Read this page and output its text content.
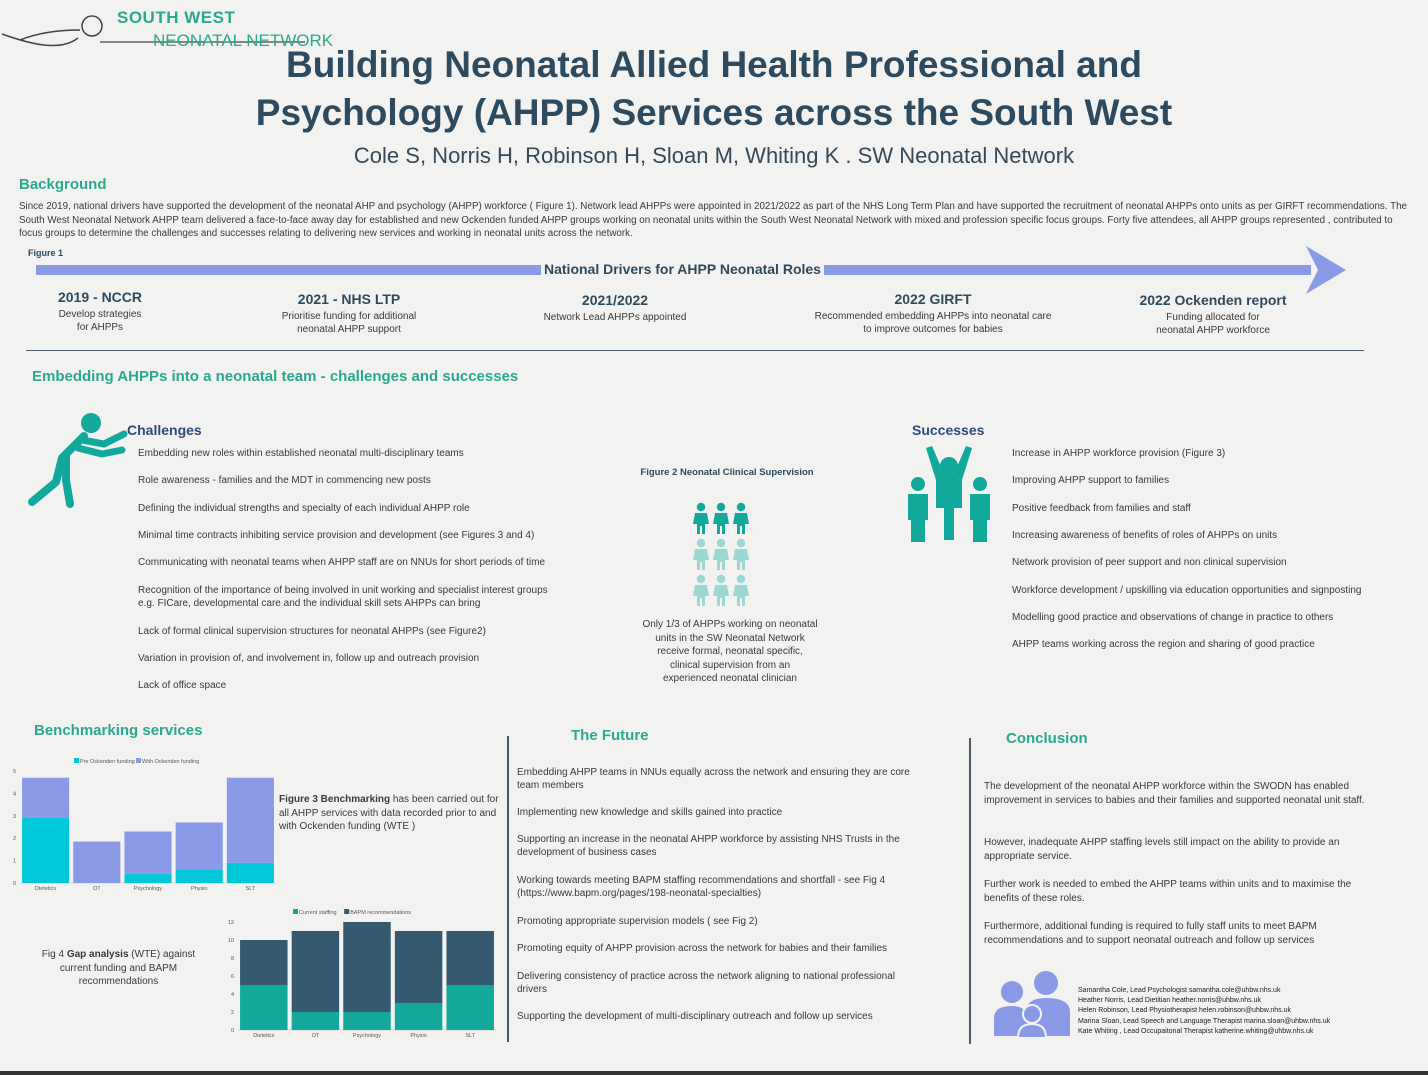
SOUTH WEST
NEONATAL NETWORK
Building Neonatal Allied Health Professional and
Psychology (AHPP) Services across the South West
Cole S, Norris H, Robinson H, Sloan M, Whiting K . SW Neonatal Network
Background
Since 2019, national drivers have supported the development of the neonatal AHP and psychology (AHPP) workforce ( Figure 1). Network lead AHPPs were appointed in 2021/2022 as part of the NHS Long Term Plan and have supported the recruitment of neonatal AHPPs onto units as per GIRFT recommendations. The South West Neonatal Network AHPP team delivered a face-to-face away day for established and new Ockenden funded AHPP groups working on neonatal units within the South West Neonatal Network with mixed and profession specific focus groups. Forty five attendees, all AHPP groups represented , contributed to focus groups to determine the challenges and successes relating to delivering new services and working in neonatal units across the network.
Figure 1
National Drivers for AHPP Neonatal Roles
2019 - NCCR
Develop strategies
for AHPPs
2021 - NHS LTP
Prioritise funding for additional
neonatal AHPP support
2021/2022
Network Lead AHPPs appointed
2022 GIRFT
Recommended embedding AHPPs into neonatal care
to improve outcomes for babies
2022 Ockenden report
Funding allocated for
neonatal AHPP workforce
Embedding AHPPs into a neonatal team - challenges and successes
Challenges
Embedding new roles within established neonatal multi-disciplinary teams
Role awareness - families and the MDT in commencing new posts
Defining the individual strengths and specialty of each individual AHPP role
Minimal time contracts inhibiting service provision and development (see Figures 3 and 4)
Communicating with neonatal teams when AHPP staff are on NNUs for short periods of time
Recognition of the importance of being involved in unit working and specialist interest groups
e.g. FICare, developmental care and the individual skill sets AHPPs can bring
Lack of formal clinical supervision structures for neonatal AHPPs (see Figure2)
Variation in provision of, and involvement in, follow up and outreach provision
Lack of office space
Figure 2 Neonatal Clinical Supervision
Only 1/3 of AHPPs working on neonatal
units in the SW Neonatal Network
receive formal, neonatal specific,
clinical supervision from an
experienced neonatal clinician
Successes
Increase in AHPP workforce provision (Figure 3)
Improving AHPP support to families
Positive feedback from families and staff
Increasing awareness of benefits of roles of AHPPs on units
Network provision of peer support and non clinical supervision
Workforce development / upskilling via education opportunities and signposting
Modelling good practice and observations of change in practice to others
AHPP teams working across the region and sharing of good practice
Benchmarking services
0
1
2
3
4
5
Pre Ockenden funding With Ockenden funding
Dietetics	OT	Psychology	Physio	SLT
Figure 3 Benchmarking has been carried out for all AHPP services with data recorded prior to and with Ockenden funding (WTE )
0
2
4
6
8
10
12
Current staffing BAPM recommendations
Dietetics	OT	Psychology	Physio	SLT
Fig 4 Gap analysis (WTE) against current funding and BAPM recommendations
The Future
Embedding AHPP teams in NNUs equally across the network and ensuring they are core
team members
Implementing new knowledge and skills gained into practice
Supporting an increase in the neonatal AHPP workforce by assisting NHS Trusts in the
development of business cases
Working towards meeting BAPM staffing recommendations and shortfall - see Fig 4
(https://www.bapm.org/pages/198-neonatal-specialties)
Promoting appropriate supervision models ( see Fig 2)
Promoting equity of AHPP provision across the network for babies and their families
Delivering consistency of practice across the network aligning to national professional
drivers
Supporting the development of multi-disciplinary outreach and follow up services
Conclusion
The development of the neonatal AHPP workforce within the SWODN has enabled improvement in services to babies and their families and supported neonatal unit staff.
However, inadequate AHPP staffing levels still impact on the ability to provide an appropriate service.
Further work is needed to embed the AHPP teams within units and to maximise the benefits of these roles.
Furthermore, additional funding is required to fully staff units to meet BAPM recommendations and to support neonatal outreach and follow up services
Samantha Cole, Lead Psychologist samantha.cole@uhbw.nhs.uk
Heather Norris, Lead Dietitian heather.norris@uhbw.nhs.uk
Helen Robinson, Lead Physiotherapist helen.robinson@uhbw.nhs.uk
Marina Sloan, Lead Speech and Language Therapist marina.sloan@uhbw.nhs.uk
Kate Whiting , Lead Occupaitonal Therapist katherine.whiting@uhbw.nhs.uk
